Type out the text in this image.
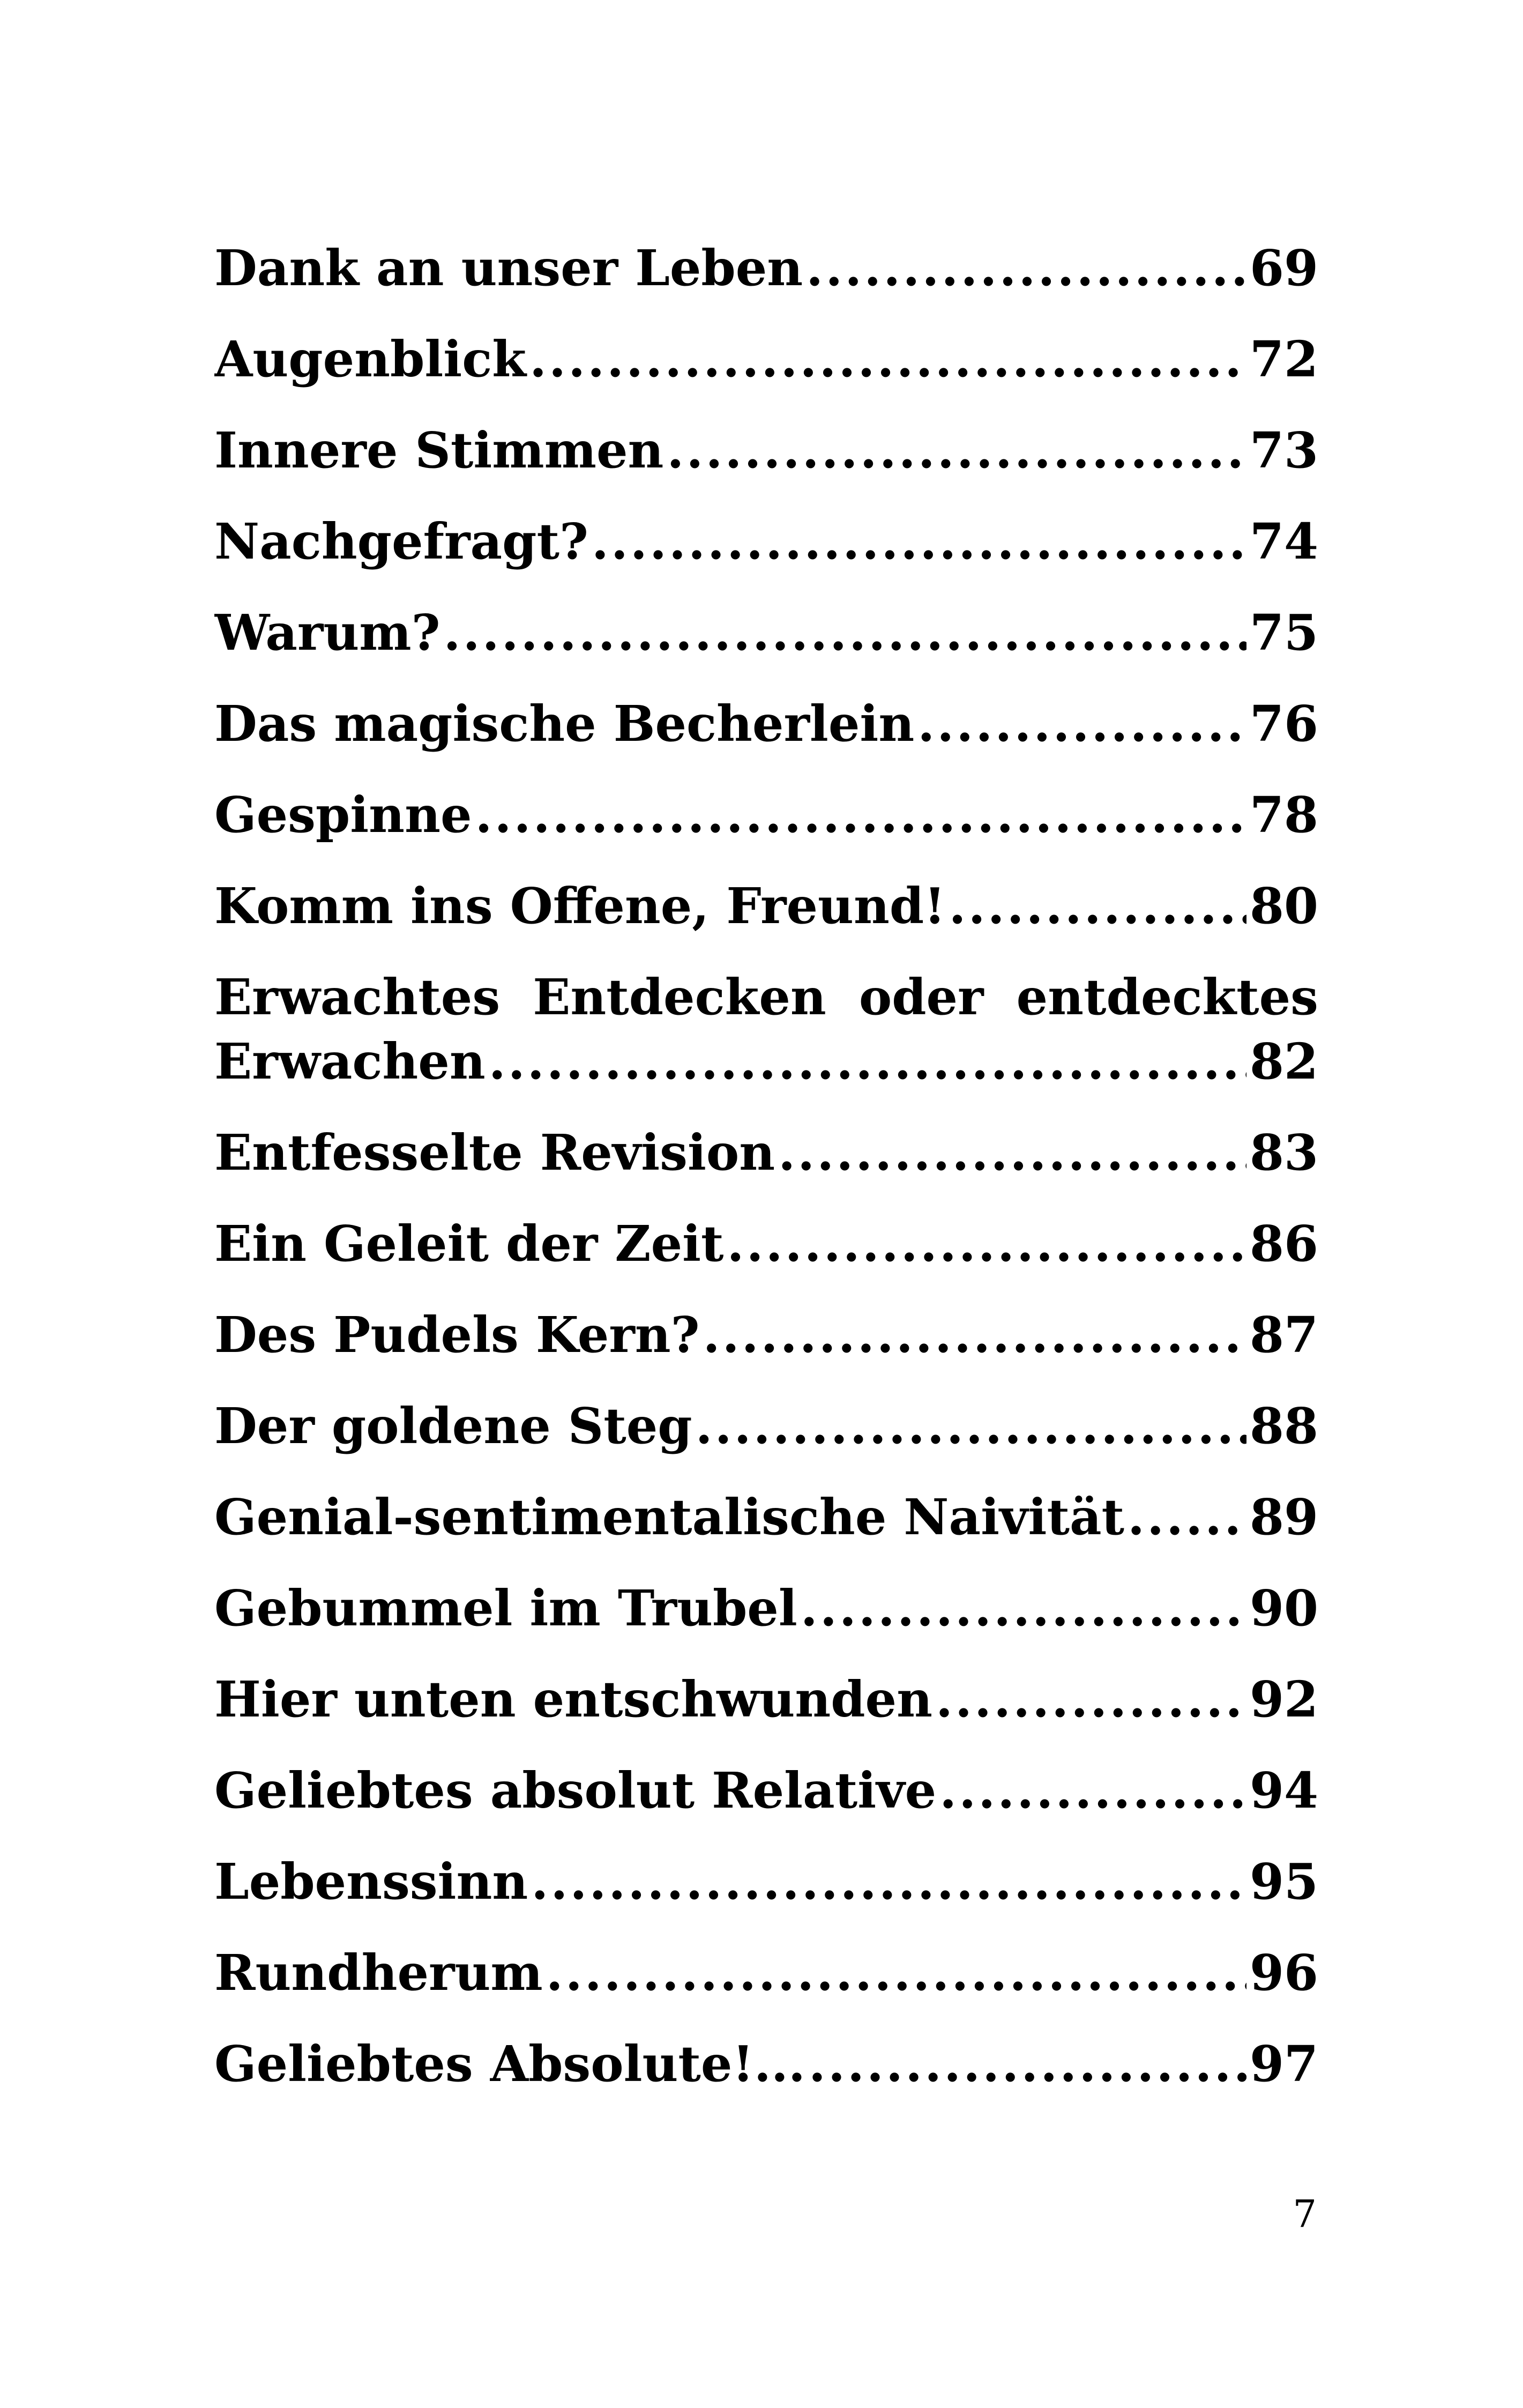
Dank an unser Leben .....	69
Augenblick .....	72
Innere Stimmen .....	73
Nachgefragt? .....	74
Warum? .....	75
Das magische Becherlein .....	76
Gespinne .....	78
Komm ins Offene, Freund! .....	80
Erwachtes Entdecken oder entdecktes
Erwachen .....	82
Entfesselte Revision .....	83
Ein Geleit der Zeit .....	86
Des Pudels Kern? .....	87
Der goldene Steg .....	88
Genial-sentimentalische Naivität .....	89
Gebummel im Trubel .....	90
Hier unten entschwunden .....	92
Geliebtes absolut Relative .....	94
Lebenssinn .....	95
Rundherum .....	96
Geliebtes Absolute!... .....	97
7
